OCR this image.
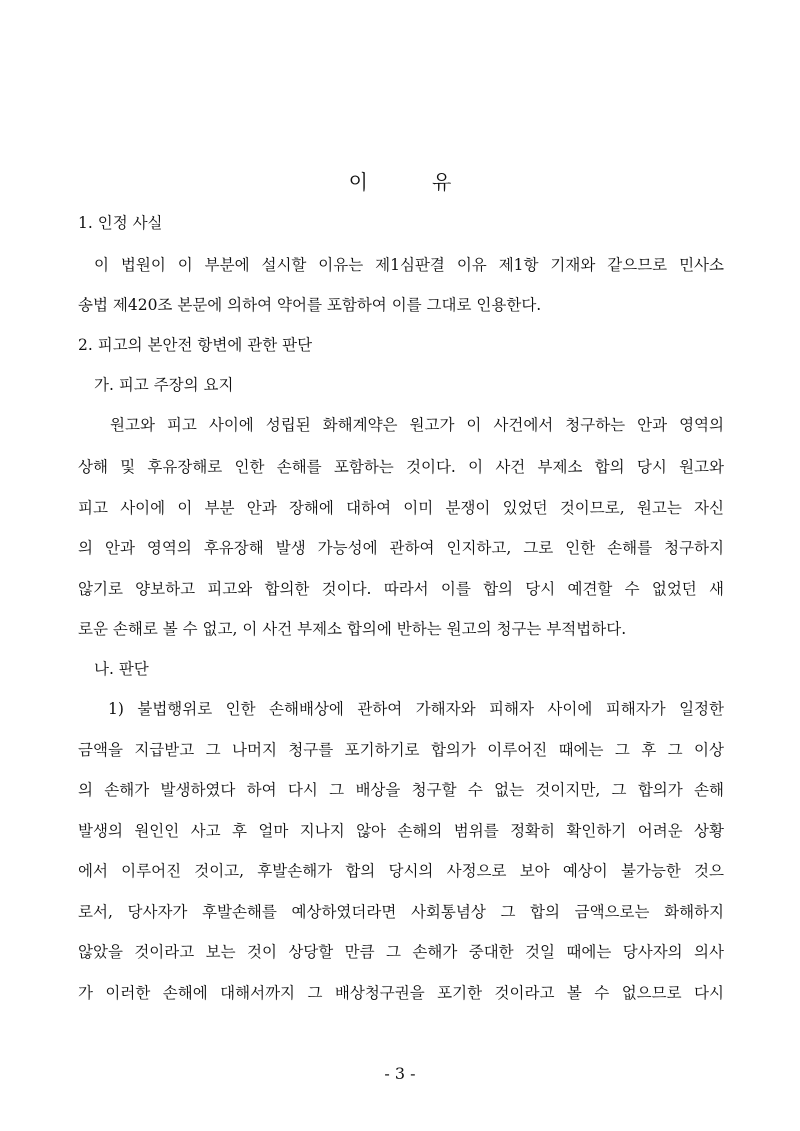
이	유
1. 인정 사실
이 법원이 이 부분에 설시할 이유는 제1심판결 이유 제1항 기재와 같으므로 민사소
송법 제420조 본문에 의하여 약어를 포함하여 이를 그대로 인용한다.
2. 피고의 본안전 항변에 관한 판단
가. 피고 주장의 요지
원고와 피고 사이에 성립된 화해계약은 원고가 이 사건에서 청구하는 안과 영역의
상해 및 후유장해로 인한 손해를 포함하는 것이다. 이 사건 부제소 합의 당시 원고와
피고 사이에 이 부분 안과 장해에 대하여 이미 분쟁이 있었던 것이므로, 원고는 자신
의 안과 영역의 후유장해 발생 가능성에 관하여 인지하고, 그로 인한 손해를 청구하지
않기로 양보하고 피고와 합의한 것이다. 따라서 이를 합의 당시 예견할 수 없었던 새
로운 손해로 볼 수 없고, 이 사건 부제소 합의에 반하는 원고의 청구는 부적법하다.
나. 판단
1) 불법행위로 인한 손해배상에 관하여 가해자와 피해자 사이에 피해자가 일정한
금액을 지급받고 그 나머지 청구를 포기하기로 합의가 이루어진 때에는 그 후 그 이상
의 손해가 발생하였다 하여 다시 그 배상을 청구할 수 없는 것이지만, 그 합의가 손해
발생의 원인인 사고 후 얼마 지나지 않아 손해의 범위를 정확히 확인하기 어려운 상황
에서 이루어진 것이고, 후발손해가 합의 당시의 사정으로 보아 예상이 불가능한 것으
로서, 당사자가 후발손해를 예상하였더라면 사회통념상 그 합의 금액으로는 화해하지
않았을 것이라고 보는 것이 상당할 만큼 그 손해가 중대한 것일 때에는 당사자의 의사
가 이러한 손해에 대해서까지 그 배상청구권을 포기한 것이라고 볼 수 없으므로 다시
- 3 -
